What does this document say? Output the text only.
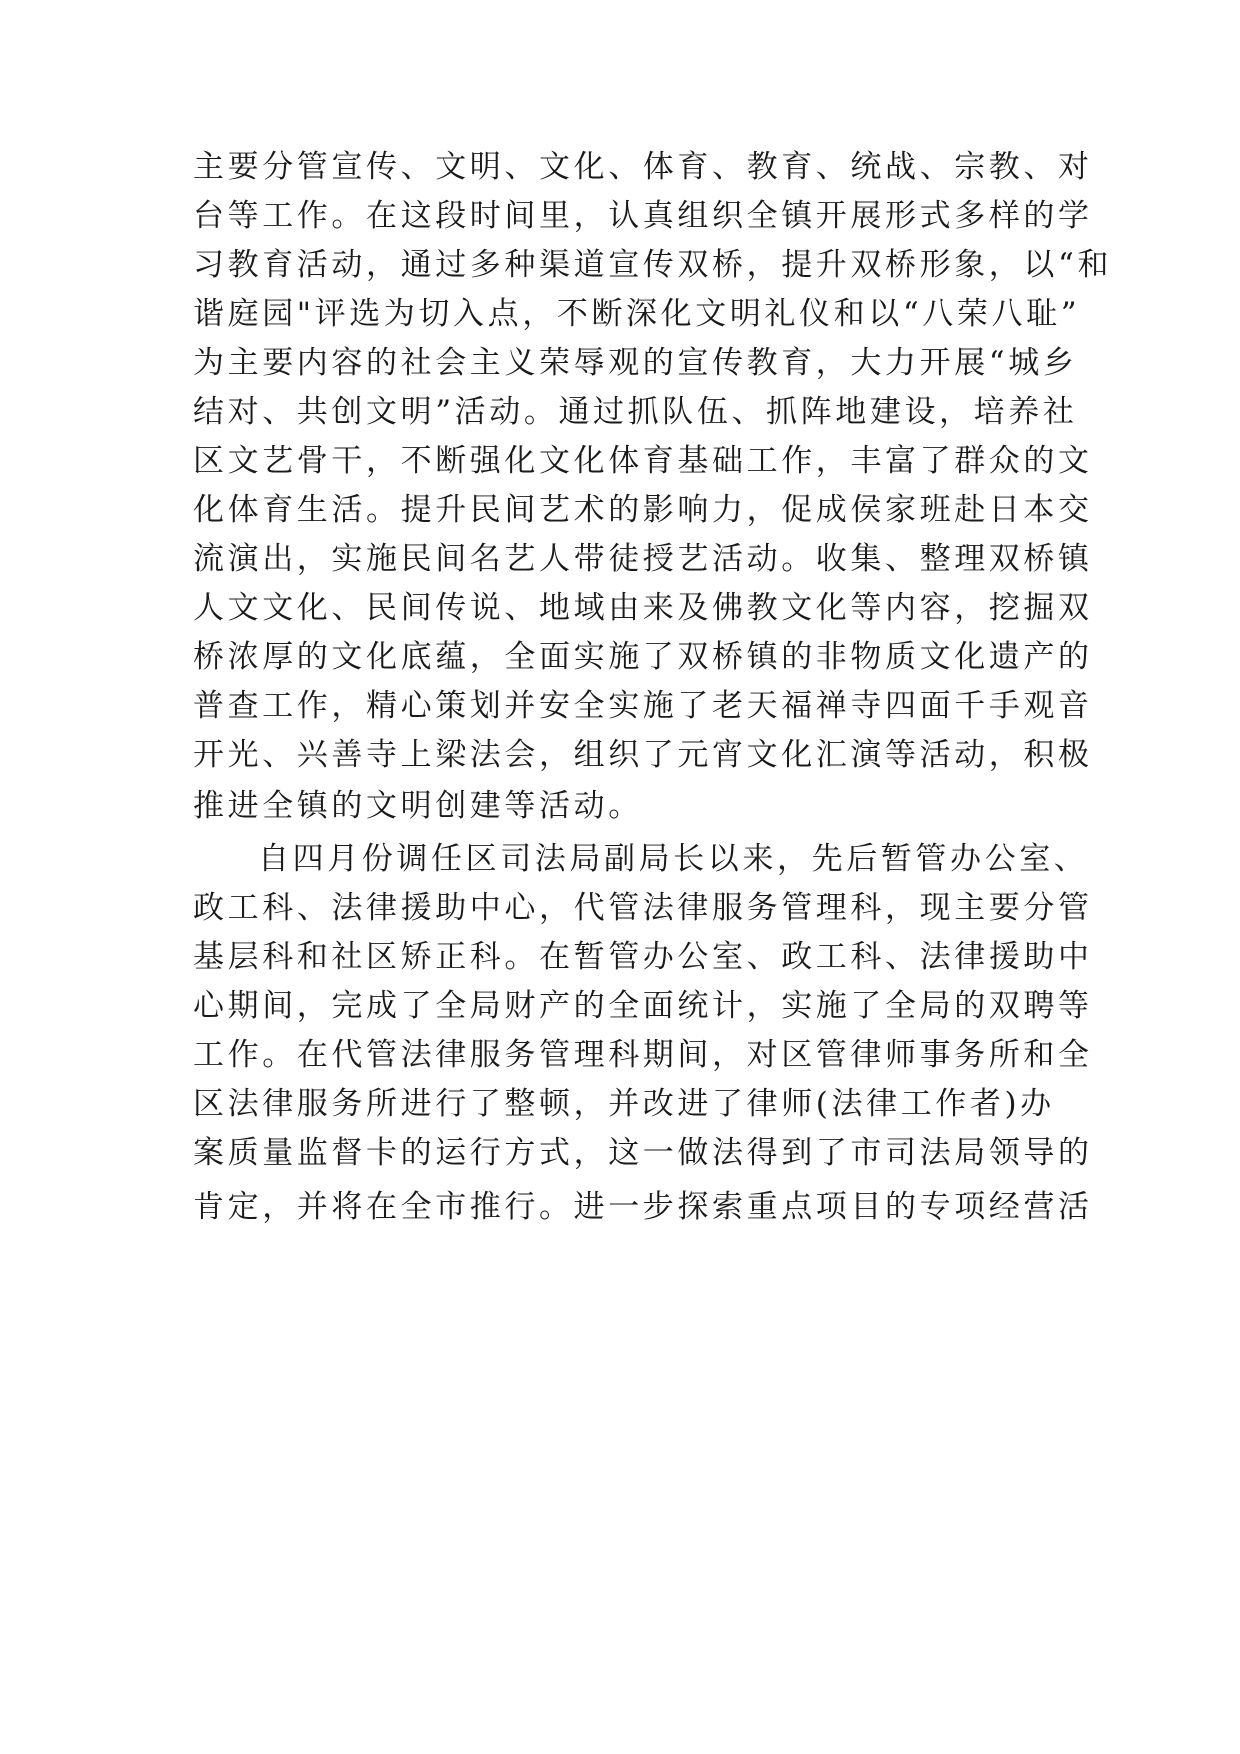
主要分管宣传、文明、文化、体育、教育、统战、宗教、对
台等工作。在这段时间里，认真组织全镇开展形式多样的学
习教育活动，通过多种渠道宣传双桥，提升双桥形象，以“和
谐庭园"评选为切入点，不断深化文明礼仪和以“八荣八耻”
为主要内容的社会主义荣辱观的宣传教育，大力开展“城乡
结对、共创文明”活动。通过抓队伍、抓阵地建设，培养社
区文艺骨干，不断强化文化体育基础工作，丰富了群众的文
化体育生活。提升民间艺术的影响力，促成侯家班赴日本交
流演出，实施民间名艺人带徒授艺活动。收集、整理双桥镇
人文文化、民间传说、地域由来及佛教文化等内容，挖掘双
桥浓厚的文化底蕴，全面实施了双桥镇的非物质文化遗产的
普查工作，精心策划并安全实施了老天福禅寺四面千手观音
开光、兴善寺上梁法会，组织了元宵文化汇演等活动，积极
推进全镇的文明创建等活动。
自四月份调任区司法局副局长以来，先后暂管办公室、
政工科、法律援助中心，代管法律服务管理科，现主要分管
基层科和社区矫正科。在暂管办公室、政工科、法律援助中
心期间，完成了全局财产的全面统计，实施了全局的双聘等
工作。在代管法律服务管理科期间，对区管律师事务所和全
区法律服务所进行了整顿，并改进了律师(法律工作者)办
案质量监督卡的运行方式，这一做法得到了市司法局领导的
肯定，并将在全市推行。进一步探索重点项目的专项经营活
